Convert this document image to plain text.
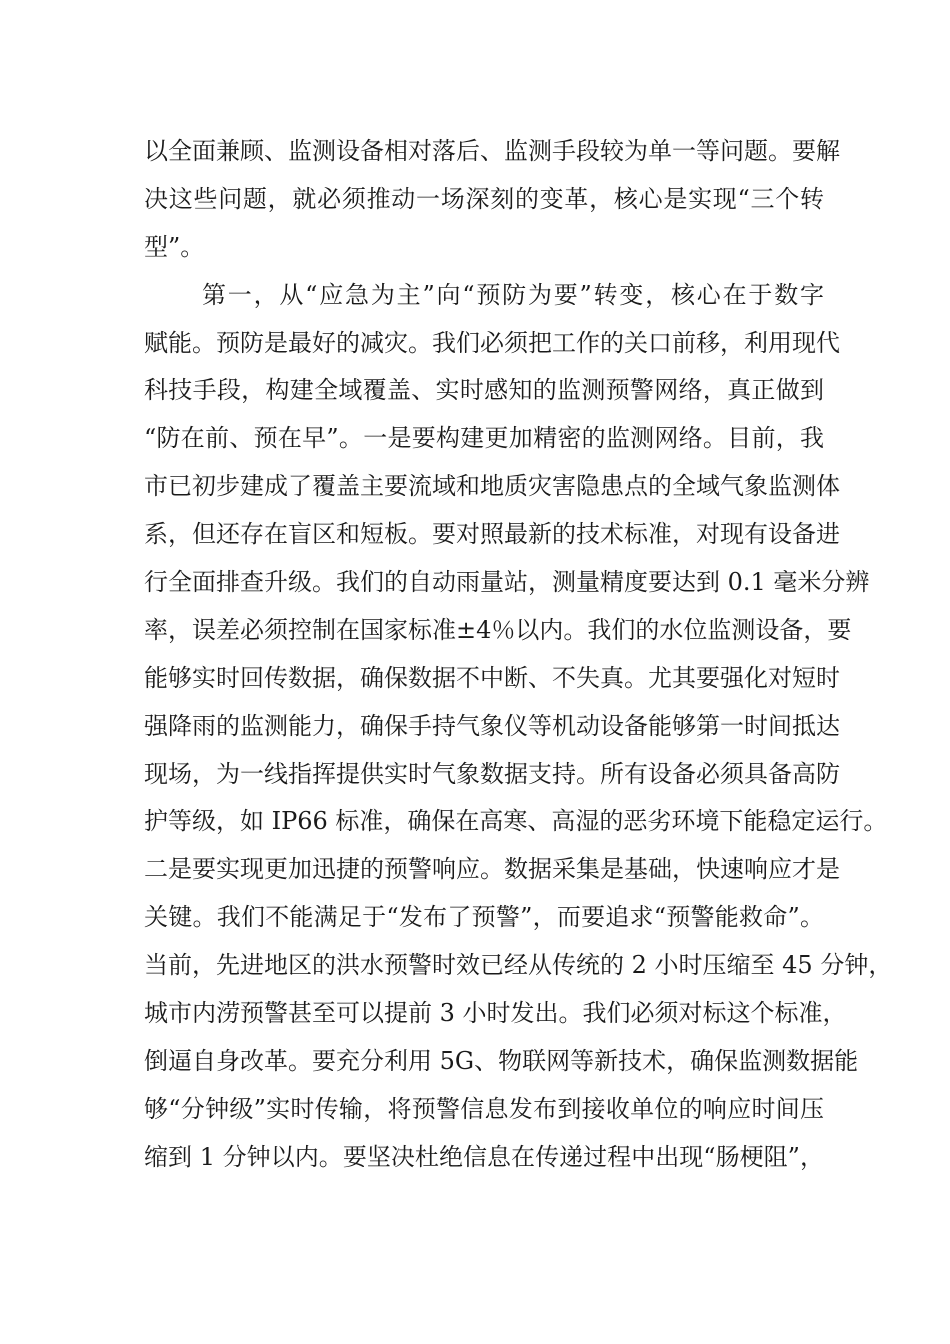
以全面兼顾、监测设备相对落后、监测手段较为单一等问题。要解
决这些问题，就必须推动一场深刻的变革，核心是实现“三个转
型”。
第一，从“应急为主”向“预防为要”转变，核心在于数字
赋能。预防是最好的减灾。我们必须把工作的关口前移，利用现代
科技手段，构建全域覆盖、实时感知的监测预警网络，真正做到
“防在前、预在早”。一是要构建更加精密的监测网络。目前，我
市已初步建成了覆盖主要流域和地质灾害隐患点的全域气象监测体
系，但还存在盲区和短板。要对照最新的技术标准，对现有设备进
行全面排查升级。我们的自动雨量站，测量精度要达到 0.1 毫米分辨
率，误差必须控制在国家标准±4％以内。我们的水位监测设备，要
能够实时回传数据，确保数据不中断、不失真。尤其要强化对短时
强降雨的监测能力，确保手持气象仪等机动设备能够第一时间抵达
现场，为一线指挥提供实时气象数据支持。所有设备必须具备高防
护等级，如 IP66 标准，确保在高寒、高湿的恶劣环境下能稳定运行。
二是要实现更加迅捷的预警响应。数据采集是基础，快速响应才是
关键。我们不能满足于“发布了预警”，而要追求“预警能救命”。
当前，先进地区的洪水预警时效已经从传统的 2 小时压缩至 45 分钟，
城市内涝预警甚至可以提前 3 小时发出。我们必须对标这个标准，
倒逼自身改革。要充分利用 5G、物联网等新技术，确保监测数据能
够“分钟级”实时传输，将预警信息发布到接收单位的响应时间压
缩到 1 分钟以内。要坚决杜绝信息在传递过程中出现“肠梗阻”，
